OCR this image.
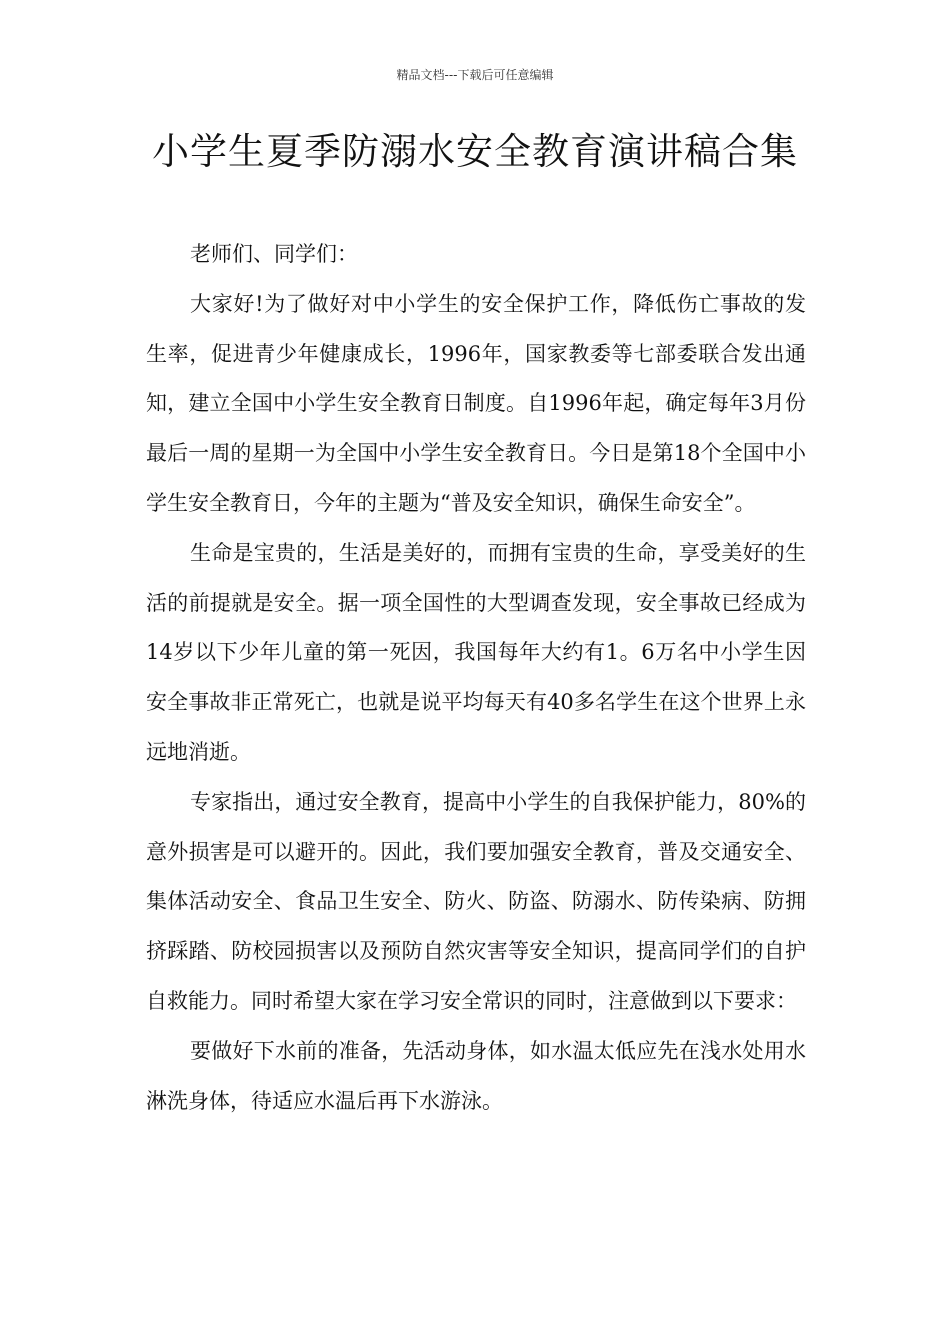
精品文档---下载后可任意编辑
小学生夏季防溺水安全教育演讲稿合集

老师们、同学们：

大家好!为了做好对中小学生的安全保护工作，降低伤亡事故的发生率，促进青少年健康成长，1996年，国家教委等七部委联合发出通知，建立全国中小学生安全教育日制度。自1996年起，确定每年3月份最后一周的星期一为全国中小学生安全教育日。今日是第18个全国中小学生安全教育日，今年的主题为“普及安全知识，确保生命安全”。

生命是宝贵的，生活是美好的，而拥有宝贵的生命，享受美好的生活的前提就是安全。据一项全国性的大型调查发现，安全事故已经成为14岁以下少年儿童的第一死因，我国每年大约有1。6万名中小学生因安全事故非正常死亡，也就是说平均每天有40多名学生在这个世界上永远地消逝。

专家指出，通过安全教育，提高中小学生的自我保护能力，80%的意外损害是可以避开的。因此，我们要加强安全教育，普及交通安全、集体活动安全、食品卫生安全、防火、防盗、防溺水、防传染病、防拥挤踩踏、防校园损害以及预防自然灾害等安全知识，提高同学们的自护自救能力。同时希望大家在学习安全常识的同时，注意做到以下要求：

要做好下水前的准备，先活动身体，如水温太低应先在浅水处用水淋洗身体，待适应水温后再下水游泳。
